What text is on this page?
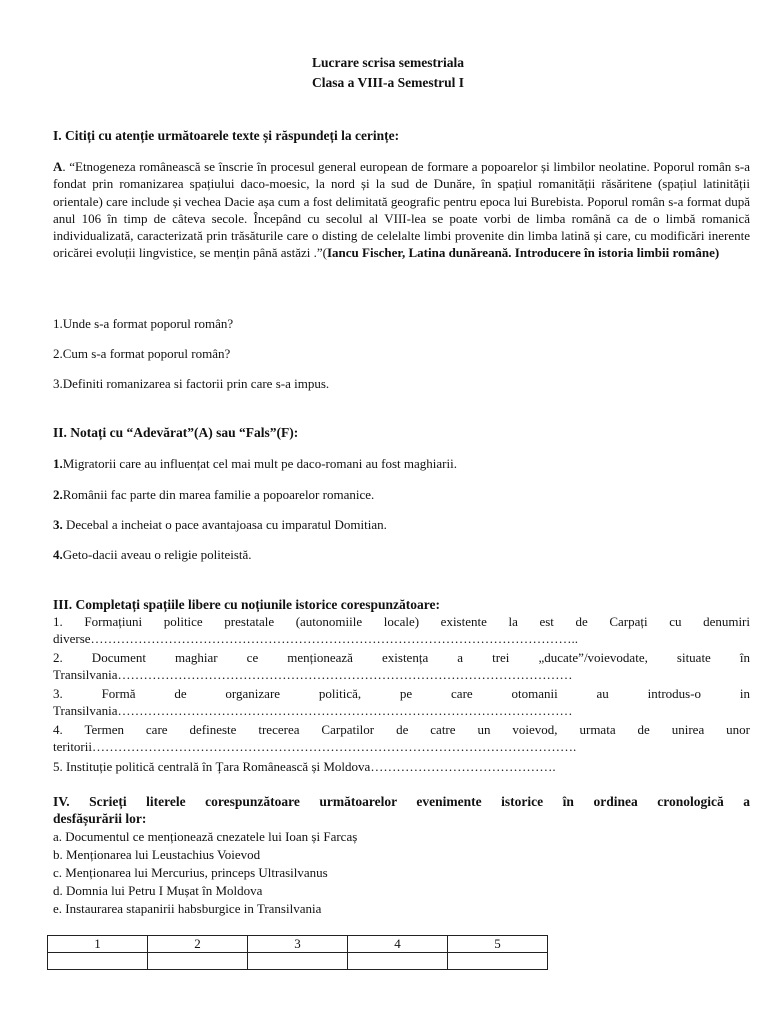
Lucrare scrisa semestriala
Clasa a VIII-a Semestrul I
I. Citiți cu atenție următoarele texte și răspundeți la cerințe:
A. “Etnogeneza românească se înscrie în procesul general european de formare a popoarelor și limbilor neolatine. Poporul român s-a fondat prin romanizarea spațiului daco-moesic, la nord și la sud de Dunăre, în spațiul romanității răsăritene (spațiul latinității orientale) care include și vechea Dacie așa cum a fost delimitată geografic pentru epoca lui Burebista. Poporul român s-a format după anul 106 în timp de câteva secole. Începând cu secolul al VIII-lea se poate vorbi de limba română ca de o limbă romanică individualizată, caracterizată prin trăsăturile care o disting de celelalte limbi provenite din limba latină și care, cu modificări inerente oricărei evoluții lingvistice, se mențin până astăzi .”(Iancu Fischer, Latina dunăreană. Introducere în istoria limbii române)
1.Unde s-a format poporul român?
2.Cum s-a format poporul român?
3.Definiti romanizarea si factorii prin care s-a impus.
II. Notați cu “Adevărat”(A) sau “Fals”(F):
1.Migratorii care au influențat cel mai mult pe daco-romani au fost maghiarii.
2.Românii fac parte din marea familie a popoarelor romanice.
3. Decebal a incheiat o pace avantajoasa cu imparatul Domitian.
4.Geto-dacii aveau o religie politeistă.
III. Completați spațiile libere cu noțiunile istorice corespunzătoare:
1. Formațiuni politice prestatale (autonomiile locale) existente la est de Carpați cu denumiri
diverse…………………………………………………………………………………………………..
2. Document maghiar ce menționează existența a trei „ducate”/voievodate, situate în
Transilvania……………………………………………………………………………………………
3. Formă de organizare politică, pe care otomanii au introdus-o in
Transilvania……………………………………………………………………………………………
4. Termen care defineste trecerea Carpatilor de catre un voievod, urmata de unirea unor
teritorii………………………………………………………………………………………………….
5. Instituție politică centrală în Țara Românească și Moldova…………………………………….
IV. Scrieți literele corespunzătoare următoarelor evenimente istorice în ordinea cronologică a
desfășurării lor:
a. Documentul ce menționează cnezatele lui Ioan și Farcaș
b. Menționarea lui Leustachius Voievod
c. Menționarea lui Mercurius, princeps Ultrasilvanus
d. Domnia lui Petru I Mușat în Moldova
e. Instaurarea stapanirii habsburgice in Transilvania
1	2	3	4	5
